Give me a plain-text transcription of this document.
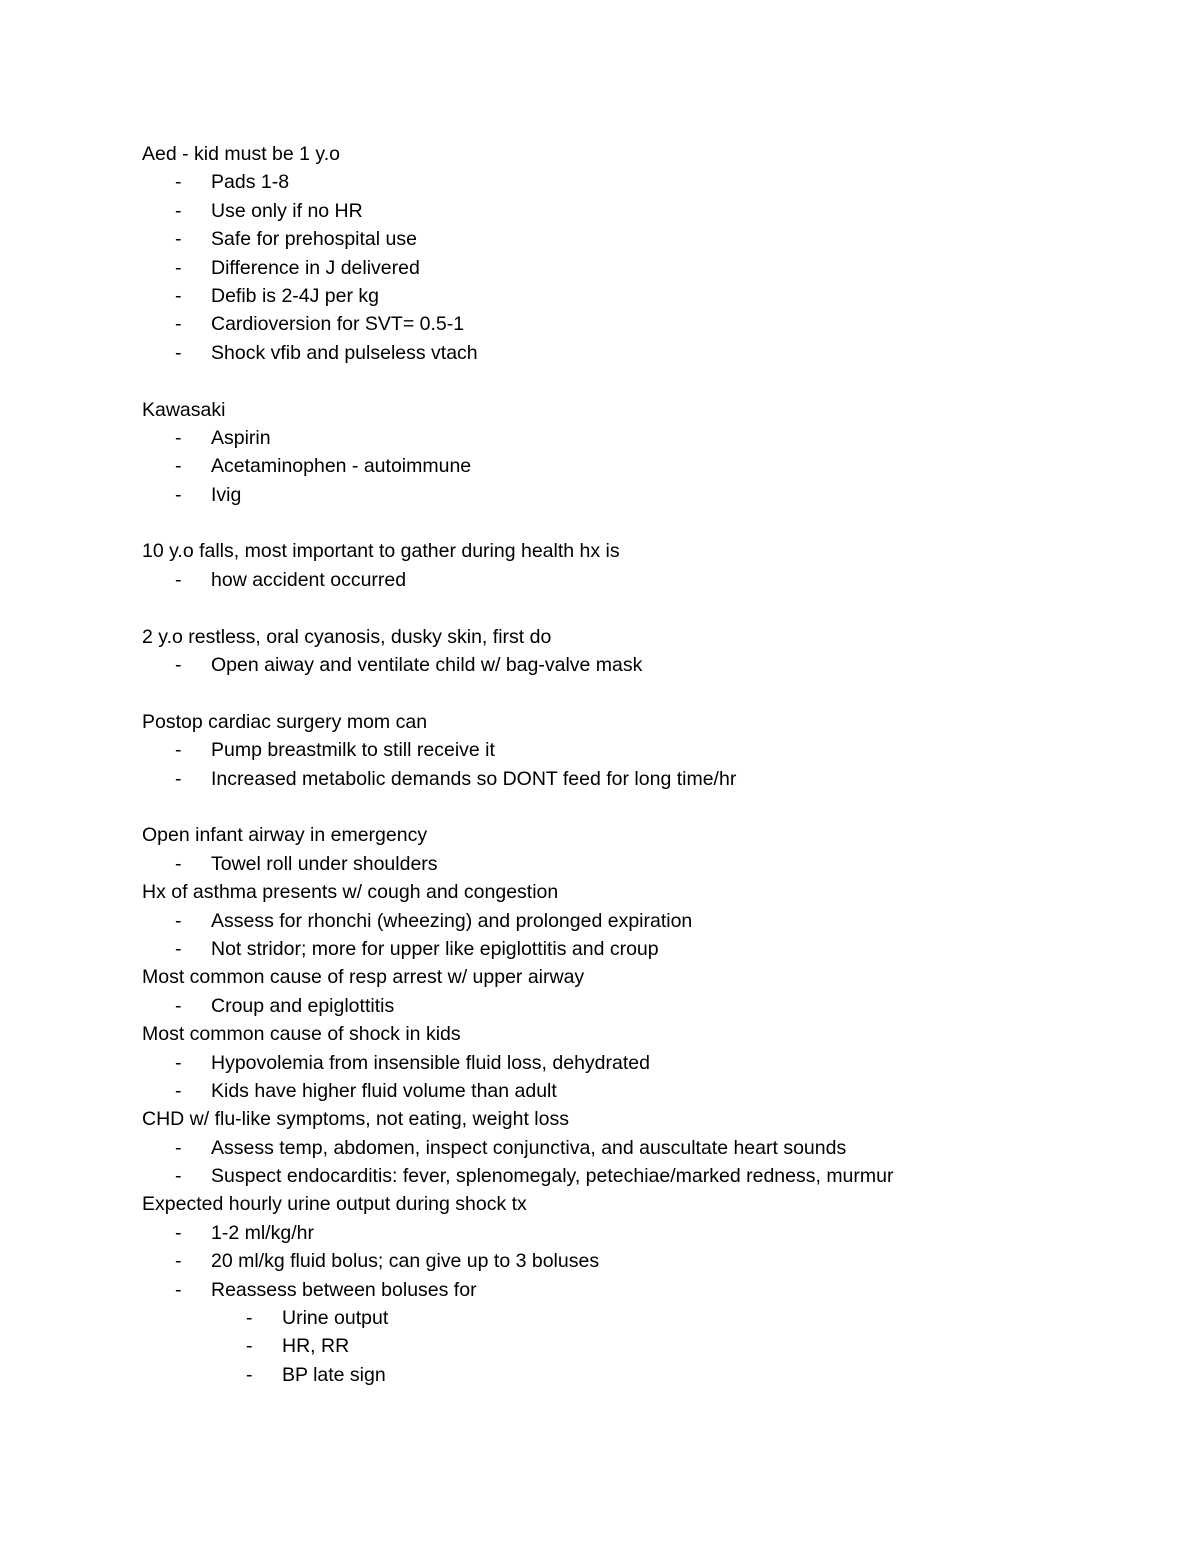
Aed - kid must be 1 y.o
- Pads 1-8
- Use only if no HR
- Safe for prehospital use
- Difference in J delivered
- Defib is 2-4J per kg
- Cardioversion for SVT= 0.5-1
- Shock vfib and pulseless vtach
Kawasaki
- Aspirin
- Acetaminophen - autoimmune
- Ivig
10 y.o falls, most important to gather during health hx is
- how accident occurred
2 y.o restless, oral cyanosis, dusky skin, first do
- Open aiway and ventilate child w/ bag-valve mask
Postop cardiac surgery mom can
- Pump breastmilk to still receive it
- Increased metabolic demands so DONT feed for long time/hr
Open infant airway in emergency
- Towel roll under shoulders
Hx of asthma presents w/ cough and congestion
- Assess for rhonchi (wheezing) and prolonged expiration
- Not stridor; more for upper like epiglottitis and croup
Most common cause of resp arrest w/ upper airway
- Croup and epiglottitis
Most common cause of shock in kids
- Hypovolemia from insensible fluid loss, dehydrated
- Kids have higher fluid volume than adult
CHD w/ flu-like symptoms, not eating, weight loss
- Assess temp, abdomen, inspect conjunctiva, and auscultate heart sounds
- Suspect endocarditis: fever, splenomegaly, petechiae/marked redness, murmur
Expected hourly urine output during shock tx
- 1-2 ml/kg/hr
- 20 ml/kg fluid bolus; can give up to 3 boluses
- Reassess between boluses for
- Urine output
- HR, RR
- BP late sign
